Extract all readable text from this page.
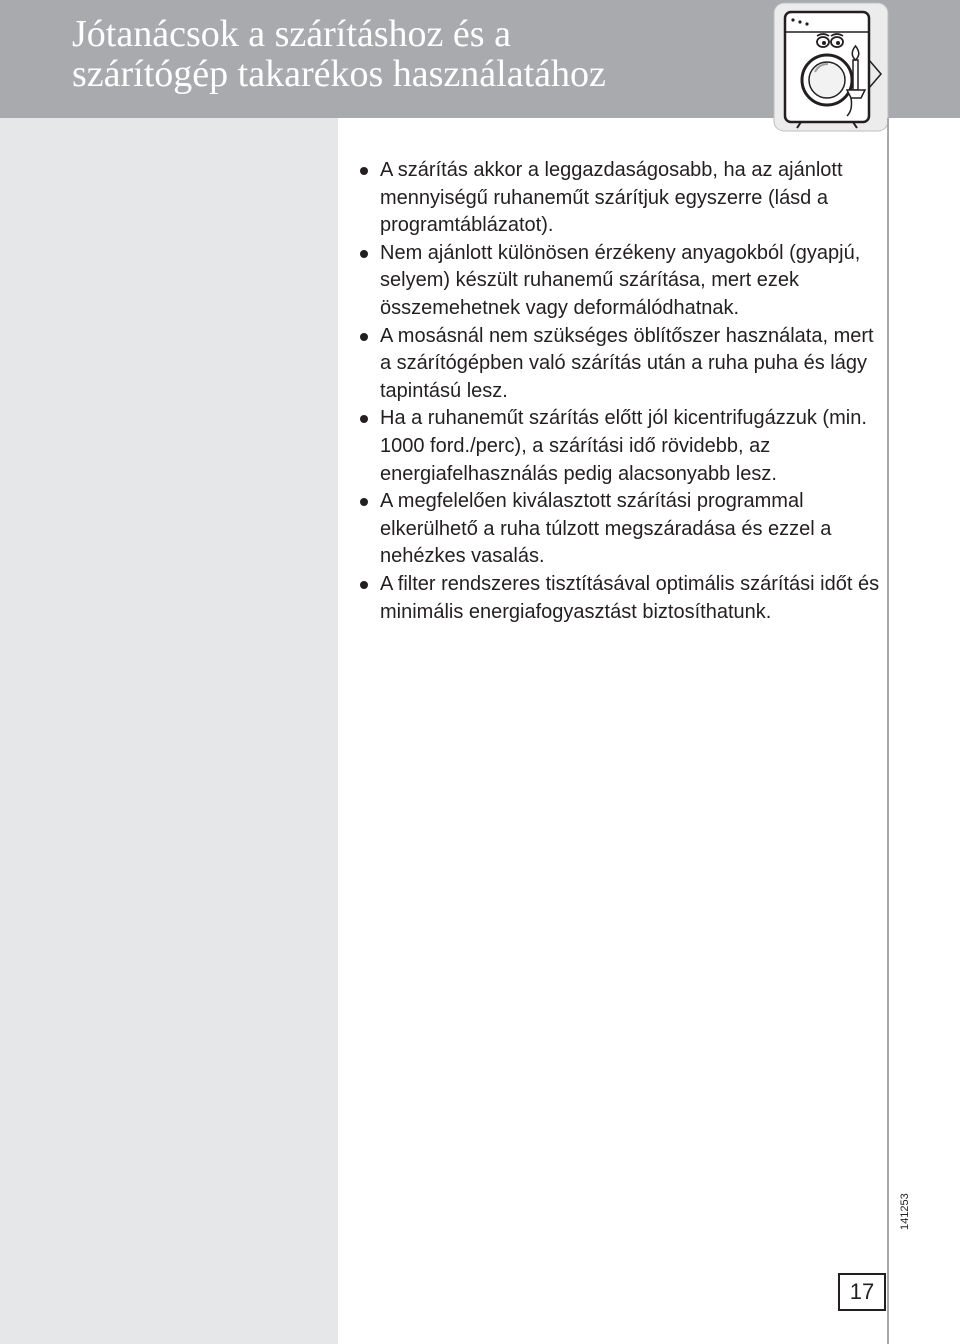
Jótanácsok a szárításhoz és a
szárítógép takarékos használatához
A szárítás akkor a leggazdaságosabb, ha az ajánlott mennyiségű ruhaneműt szárítjuk egyszerre (lásd a programtáblázatot).
Nem ajánlott különösen érzékeny anyagokból (gyapjú, selyem) készült ruhanemű szárítása, mert ezek összemehetnek vagy deformálódhatnak.
A mosásnál nem szükséges öblítőszer használata, mert a szárítógépben való szárítás után a ruha puha és lágy tapintású lesz.
Ha a ruhaneműt szárítás előtt jól kicentrifugázzuk (min. 1000 ford./perc), a szárítási idő rövidebb, az energiafelhasználás pedig alacsonyabb lesz.
A megfelelően kiválasztott szárítási programmal elkerülhető a ruha túlzott megszáradása és ezzel a nehézkes vasalás.
A filter rendszeres tisztításával optimális szárítási időt és minimális energiafogyasztást biztosíthatunk.
141253
17
